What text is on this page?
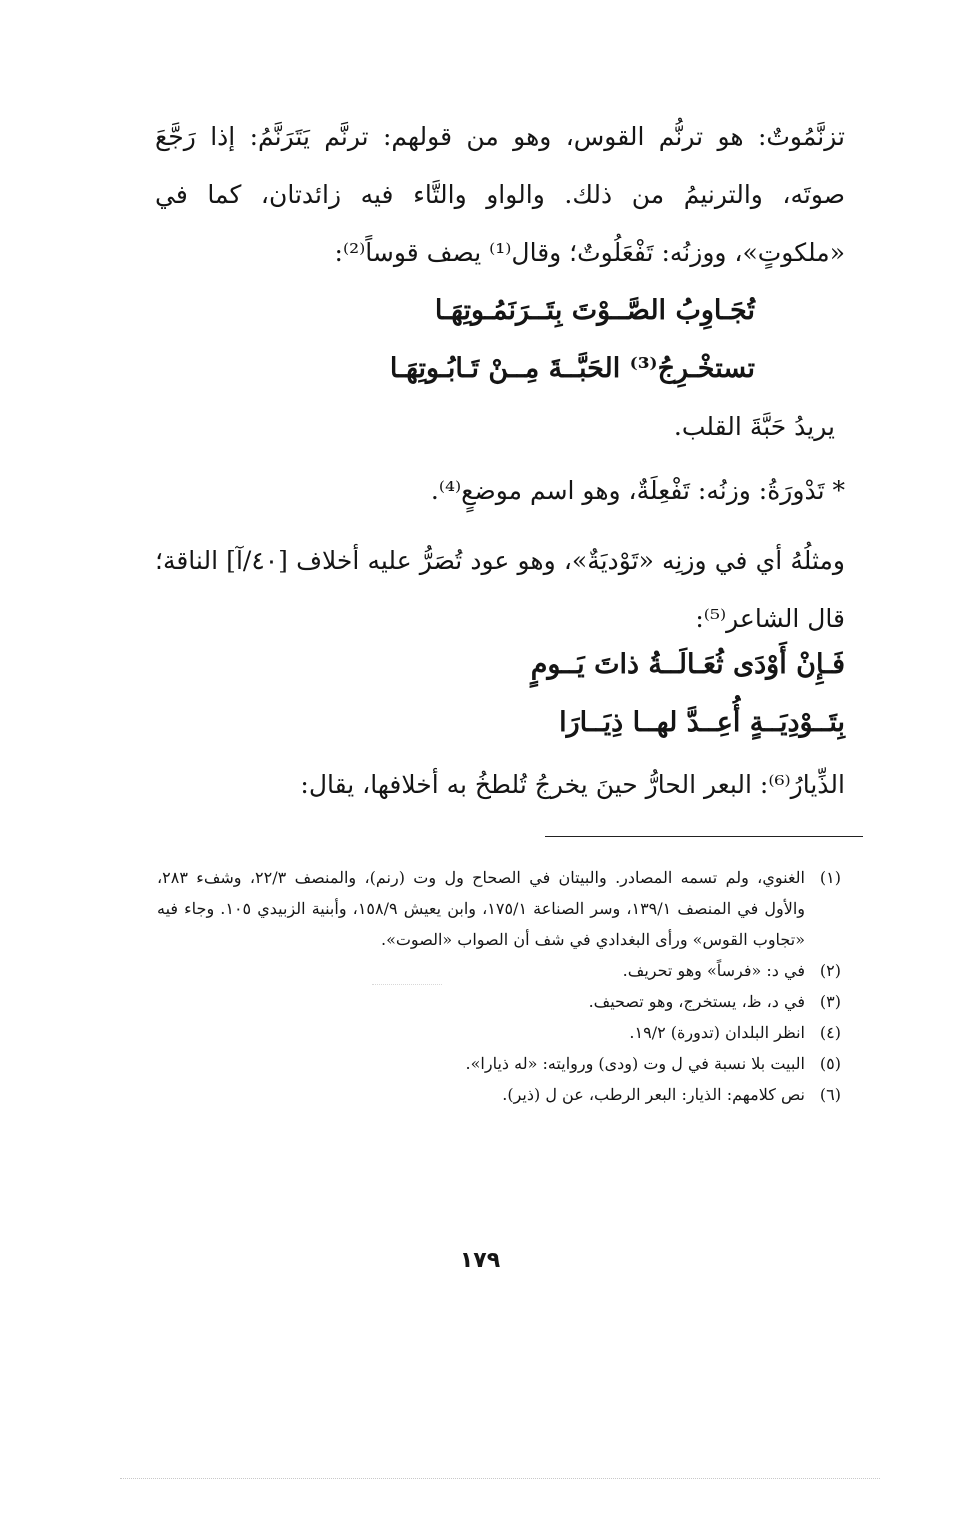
تزنَّمُوتٌ: هو ترنُّم القوس، وهو من قولهم: ترنَّم يَتَرَنَّمُ: إذا رَجَّعَ صوتَه، والترنيمُ من ذلك. والواو والتَّاء فيه زائدتان، كما في «ملكوتٍ»، ووزنُه: تَفْعَلُوتٌ؛ وقال⁽¹⁾ يصف قوساً⁽²⁾:

تُجَـاوِبُ الصَّــوْتَ بِتَــرَنَمُـوتِهَـا

تستخْـرِجُ⁽³⁾ الحَبَّــةَ مِــنْ تَـابُـوتِهَـا

يريدُ حَبَّةَ القلب.

* تَدْورَةُ: وزنُه: تَفْعِلَةٌ، وهو اسم موضعٍ⁽⁴⁾.

ومثلُهُ أي في وزنِه «تَوْديَةٌ»، وهو عود تُصَرُّ عليه أخلاف [٤٠/آ] الناقة؛ قال الشاعر⁽⁵⁾:

فَـإِنْ أَوْدَى ثُعَـالَــةُ ذاتَ يَــومٍ

بِتَــوْدِيَــةٍ أُعِــدَّ لهــا ذِيَــارَا

الذِّيارُ⁽⁶⁾: البعر الحارُّ حينَ يخرجُ تُلطخُ به أخلافها، يقال:

(١)
الغنوي، ولم تسمه المصادر. والبيتان في الصحاح ول وت (رنم)، والمنصف ٢٢/٣، وشفء ٢٨٣، والأول في المنصف ١٣٩/١، وسر الصناعة ١٧٥/١، وابن يعيش ١٥٨/٩، وأبنية الزبيدي ١٠٥. وجاء فيه «تجاوب القوس» ورأى البغدادي في شف أن الصواب «الصوت».
(٢)
في د: «فرساً» وهو تحريف.
(٣)
في د، ظ، يستخرج، وهو تصحيف.
(٤)
انظر البلدان (تدورة) ١٩/٢.
(٥)
البيت بلا نسبة في ل وت (ودى) وروايته: «له ذيارا».
(٦)
نص كلامهم: الذيار: البعر الرطب، عن ل (ذير).
١٧٩
